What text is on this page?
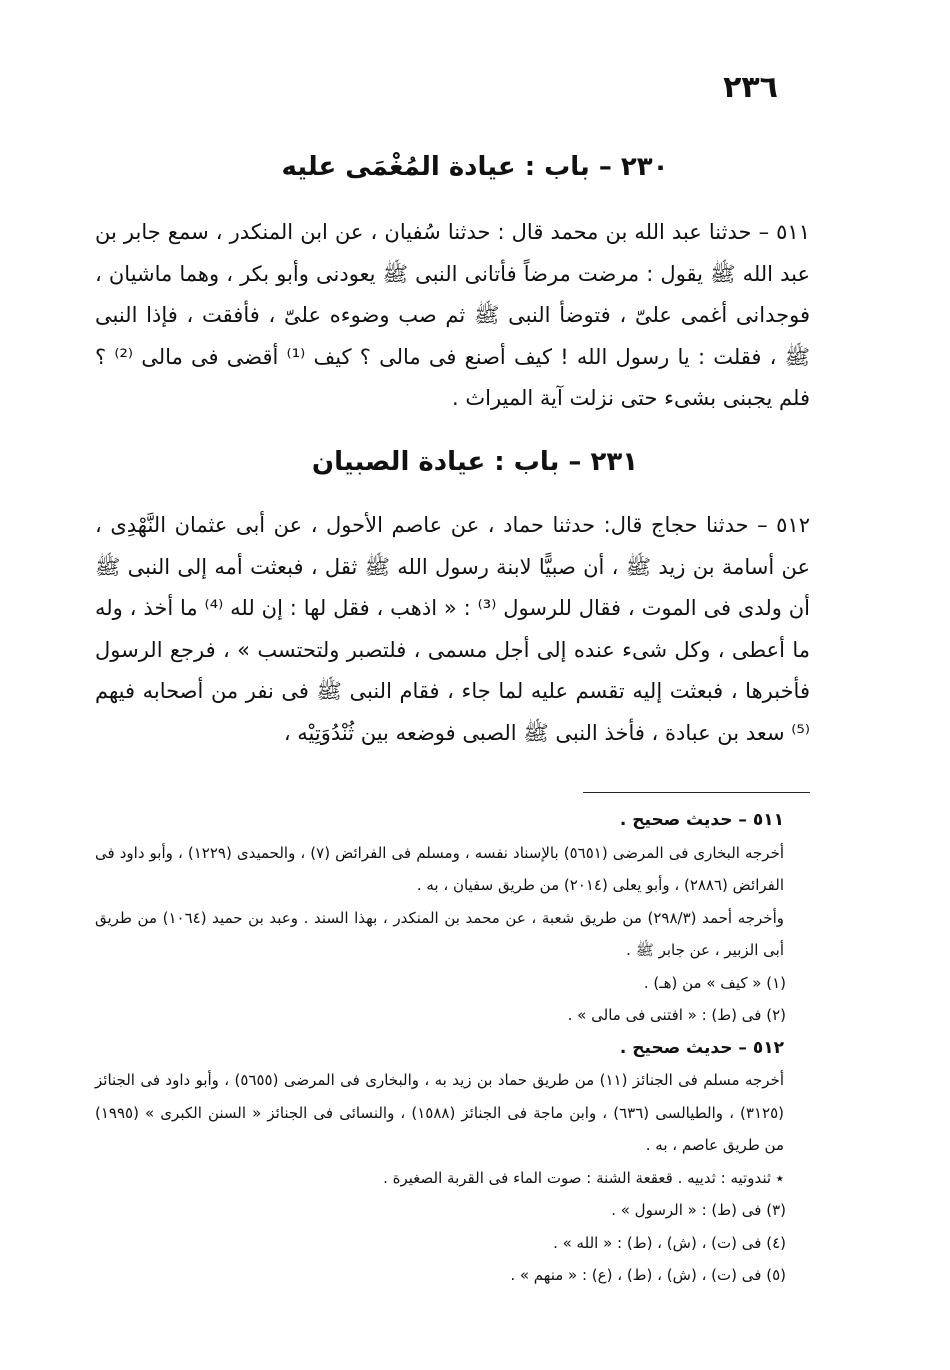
٢٣٦
٢٣٠ – باب : عيادة المُغْمَى عليه
٥١١ – حدثنا عبد الله بن محمد قال : حدثنا سُفيان ، عن ابن المنكدر ، سمع جابر بن عبد الله ﷺ يقول : مرضت مرضاً فأتانى النبى ﷺ يعودنى وأبو بكر ، وهما ماشيان ، فوجدانى أغمى علىّ ، فتوضأ النبى ﷺ ثم صب وضوءه علىّ ، فأفقت ، فإذا النبى ﷺ ، فقلت : يا رسول الله ! كيف أصنع فى مالى ؟ كيف ⁽¹⁾ أقضى فى مالى ⁽²⁾ ؟ فلم يجبنى بشىء حتى نزلت آية الميراث .
٢٣١ – باب : عيادة الصبيان
٥١٢ – حدثنا حجاج قال: حدثنا حماد ، عن عاصم الأحول ، عن أبى عثمان النَّهْدِى ، عن أسامة بن زيد ﷺ ، أن صبيًّا لابنة رسول الله ﷺ ثقل ، فبعثت أمه إلى النبى ﷺ أن ولدى فى الموت ، فقال للرسول ⁽³⁾ : « اذهب ، فقل لها : إن لله ⁽⁴⁾ ما أخذ ، وله ما أعطى ، وكل شىء عنده إلى أجل مسمى ، فلتصبر ولتحتسب » ، فرجع الرسول فأخبرها ، فبعثت إليه تقسم عليه لما جاء ، فقام النبى ﷺ فى نفر من أصحابه فيهم ⁽⁵⁾ سعد بن عبادة ، فأخذ النبى ﷺ الصبى فوضعه بين ثُنْدُوَتِيْه ،
٥١١ – حديث صحيح .
أخرجه البخارى فى المرضى (٥٦٥١) بالإسناد نفسه ، ومسلم فى الفرائض (٧) ، والحميدى (١٢٢٩) ، وأبو داود فى الفرائض (٢٨٨٦) ، وأبو يعلى (٢٠١٤) من طريق سفيان ، به .
وأخرجه أحمد (٢٩٨/٣) من طريق شعبة ، عن محمد بن المنكدر ، بهذا السند . وعبد بن حميد (١٠٦٤) من طريق أبى الزبير ، عن جابر ﷺ .
(١) « كيف » من (هـ) .
(٢) فى (ط) : « افتنى فى مالى » .
٥١٢ – حديث صحيح .
أخرجه مسلم فى الجنائز (١١) من طريق حماد بن زيد به ، والبخارى فى المرضى (٥٦٥٥) ، وأبو داود فى الجنائز (٣١٢٥) ، والطيالسى (٦٣٦) ، وابن ماجة فى الجنائز (١٥٨٨) ، والنسائى فى الجنائز « السنن الكبرى » (١٩٩٥) من طريق عاصم ، به .
٭ ثندوتيه : ثدييه . قعقعة الشنة : صوت الماء فى القربة الصغيرة .
(٣) فى (ط) : « الرسول » .
(٤) فى (ت) ، (ش) ، (ط) : « الله » .
(٥) فى (ت) ، (ش) ، (ط) ، (ع) : « منهم » .
